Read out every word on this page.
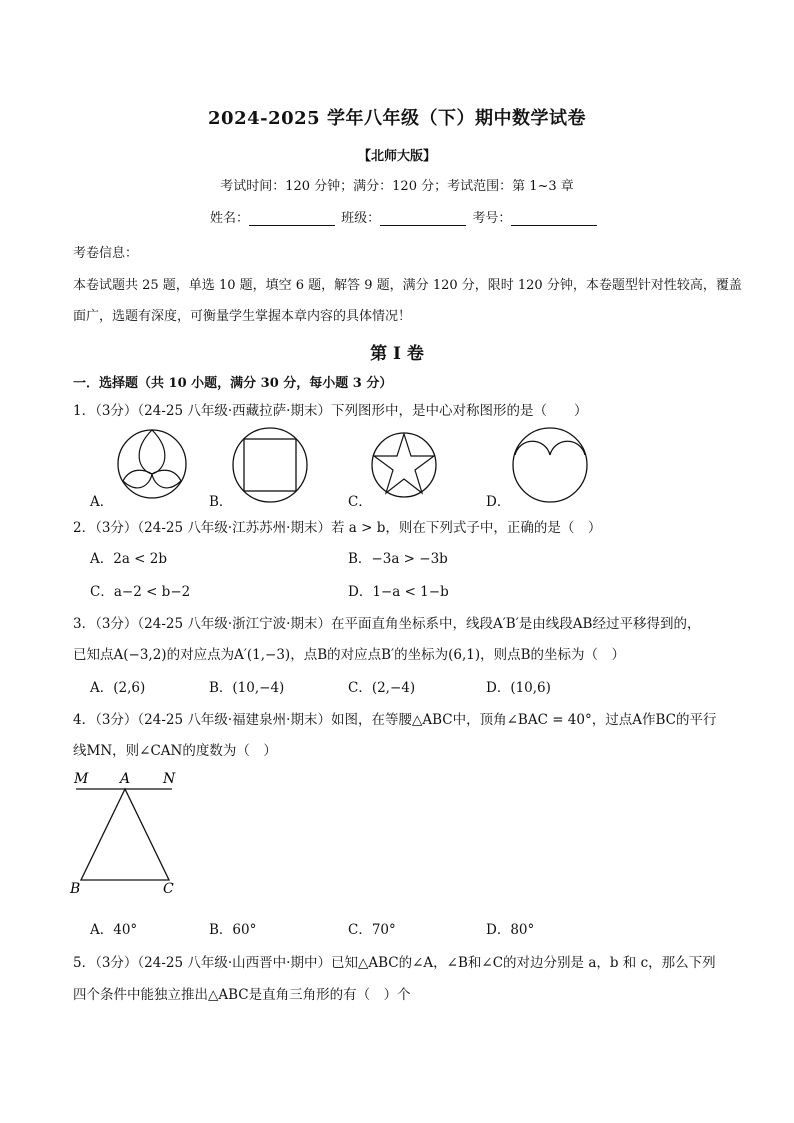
2024-2025 学年八年级（下）期中数学试卷
【北师大版】
考试时间：120 分钟；满分：120 分；考试范围：第 1~3 章
姓名：	班级：	考号：
考卷信息：
本卷试题共 25 题，单选 10 题，填空 6 题，解答 9 题，满分 120 分，限时 120 分钟，本卷题型针对性较高，覆盖
面广，选题有深度，可衡量学生掌握本章内容的具体情况！
第 I 卷
一．选择题（共 10 小题，满分 30 分，每小题 3 分）
1．（3分）（24-25 八年级·西藏拉萨·期末）下列图形中，是中心对称图形的是（　　）
A．	B．	C．	D．
2．（3分）（24-25 八年级·江苏苏州·期末）若 a > b，则在下列式子中，正确的是（　）
A．2a < 2b	B．−3a > −3b
C．a−2 < b−2	D．1−a < 1−b
3．（3分）（24-25 八年级·浙江宁波·期末）在平面直角坐标系中，线段A′B′是由线段AB经过平移得到的，
已知点A(−3,2)的对应点为A′(1,−3)，点B的对应点B′的坐标为(6,1)，则点B的坐标为（　）
A．(2,6)	B．(10,−4)	C．(2,−4)	D．(10,6)
4．（3分）（24-25 八年级·福建泉州·期末）如图，在等腰△ABC中，顶角∠BAC = 40°，过点A作BC的平行
线MN，则∠CAN的度数为（　）
M A N
B	C
A．40°	B．60°	C．70°	D．80°
5．（3分）（24-25 八年级·山西晋中·期中）已知△ABC的∠A，∠B和∠C的对边分别是 a，b 和 c，那么下列
四个条件中能独立推出△ABC是直角三角形的有（　）个
